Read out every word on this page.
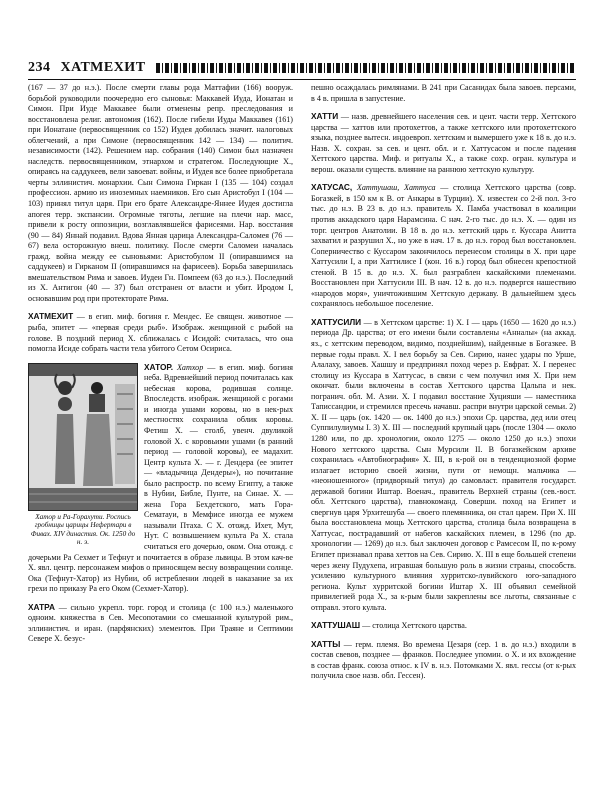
234 ХАТМЕХИТ

(167 — 37 до н.э.). После смерти главы рода Маттафии (166) вооруж. борьбой руководили поочередно его сыновья: Маккавей Иуда, Ионатан и Симон. При Иуде Маккавее были отменены репр. преследования и восстановлена религ. автономия (162). После гибели Иуды Маккавея (161) при Ионатане (первосвященник со 152) Иудея добилась значит. налоговых облегчений, а при Симоне (первосвященник 142 — 134) — политич. независимости (142). Решением нар. собрания (140) Симон был назначен наследств. первосвященником, этнархом и стратегом. Последующие Х., опираясь на саддукеев, вели завоеват. войны, и Иудея все более приобретала черты эллинистич. монархии. Сын Симона Гиркан I (135 — 104) создал профессион. армию из иноземных наемников. Его сын Аристобул I (104 — 103) принял титул царя. При его брате Александре-Яннее Иудея достигла апогея терр. экспансии. Огромные тяготы, легшие на плечи нар. масс, привели к росту оппозиции, возглавлявшейся фарисеями. Нар. восстания (90 — 84) Яннай подавил. Вдова Янная царица Александра-Саломея (76 — 67) вела осторожную внеш. политику. После смерти Саломеи началась гражд. война между ее сыновьями: Аристобулом II (опиравшимся на саддукеев) и Гирканом II (опиравшимся на фарисеев). Борьба завершилась вмешательством Рима и завоев. Иудеи Гн. Помпеем (63 до н.э.). Последний из Х. Антигон (40 — 37) был отстранен от власти и убит. Иродом I, основавшим род при протекторате Рима.

ХАТМЕХИТ — в егип. миф. богиня г. Мендес. Ее священ. животное — рыба, эпитет — «первая среди рыб». Изображ. женщиной с рыбой на голове. В поздний период Х. сближалась с Исидой: считалась, что она помогла Исиде собрать части тела убитого Сетом Осириса.

Хатор и Ра-Горахути. Роспись гробницы царицы Нефертари в Фивах. XIV династия. Ок. 1250 до н. э.

ХАТОР. Хатхор — в егип. миф. богиня неба. Вдревнейший период почиталась как небесная корова, родившая солнце. Впоследств. изображ. женщиной с рогами и иногда ушами коровы, но в нек-рых местностях сохранила облик коровы. Фетиш Х. — столб, увенч. двуликой головой Х. с коровьими ушами (в ранний период — головой коровы), ее мадахит. Центр культа Х. — г. Дендера (ее эпитет — «владычица Дендеры»), но почитание было распростр. по всему Египту, а также в Нубии, Библе, Пунте, на Синае. Х. — жена Гора Бехдетского, мать Гора-Сематауи, в Мемфисе иногда ее мужем называли Птаха. С Х. отожд. Ихет, Мут, Нут. С возвышением культа Ра Х. стала считаться его дочерью, оком. Она отожд. с дочерьми Ра Сехмет и Тефнут и почитается в образе львицы. В этом кач-ве Х. явл. центр. персонажем мифов о приносящем весну возвращении солнце. Ока (Тефнут-Хатор) из Нубии, об истреблении людей в наказание за их грехи по приказу Ра его Оком (Сехмет-Хатор).

ХАТРА — сильно укрепл. торг. город и столица (с 100 н.э.) маленького одноим. княжества в Сев. Месопотамии со смешанной культурой рим., эллинистич. и иран. (парфянских) элементов. При Траяне и Септимии Севере Х. безус-

пешно осаждалась римлянами. В 241 при Сасанидах была завоев. персами, в 4 в. пришла в запустение.

ХАТТИ — назв. древнейшего населения сев. и цент. части терр. Хеттского царства — хаттов или протохеттов, а также хеттского или протохеттского языка, позднее вытесн. индоевроп. хеттским и вымершего уже к 18 в. до н.э. Назв. Х. сохран. за сев. и цент. обл. и г. Хаттусасом и после падения Хеттского царства. Миф. и ритуалы Х., а также сохр. огран. культура и верош. оказали существ. влияние на раннюю хеттскую культуру.

ХАТУСАС, Хаттушаш, Хаттуса — столица Хеттского царства (совр. Богазкей, в 150 км к В. от Анкары в Турции). Х. известен со 2-й пол. 3-го тыс. до н.э. В 23 в. до н.э. правитель Х. Памба участвовал в коалиции против аккадского царя Нарамсина. С нач. 2-го тыс. до н.э. Х. — один из торг. центров Анатолии. В 18 в. до н.э. хеттский царь г. Куссара Анитта захватил и разрушил Х., но уже в нач. 17 в. до н.э. город был восстановлен. Соперничество с Куссаром закончилось перенесом столицы в Х. при царе Хаттусили I, а при Хаттилисе I (кон. 16 в.) город был обнесен крепостной стеной. В 15 в. до н.э. Х. был разграблен каскайскими племенами. Восстановлен при Хаттусили III. В нач. 12 в. до н.э. подвергся нашествию «народов моря», уничтожившим Хеттскую державу. В дальнейшем здесь сохранялось небольшое поселение.

ХАТТУСИЛИ — в Хеттском царстве: 1) Х. I — царь (1650 — 1620 до н.э.) периода Др. царства; от его имени были составлены «Анналы» (на аккад. яз., с хеттским переводом, видимо, позднейшим), найденные в Богазкее. В первые годы правл. Х. I вел борьбу за Сев. Сирию, нанес удары по Урше, Алалаху, завоев. Хашшу и предпринял поход через р. Евфрат. Х. I перенес столицу из Куссара в Хаттусас, в связи с чем получил имя Х. При нем окончат. были включены в состав Хеттского царства Цальпа и нек. погранич. обл. М. Азии. Х. I подавил восстание Хуцияши — наместника Таписсандии, и стремился пресечь начавш. распри внутри царской семьи. 2) Х. II — царь (ок. 1420 — ок. 1400 до н.э.) эпохи Ср. царства, дед или отец Суппилулиумы I. 3) Х. III — последний крупный царь (после 1304 — около 1280 или, по др. хронологии, около 1275 — около 1250 до н.э.) эпохи Нового хеттского царства. Сын Мурсили II. В богазкейском архиве сохранилась «Автобиография» Х. III, в к-рой он в тенденциозной форме излагает историю своей жизни, пути от немощн. мальчика — «неоношенного» (придворный титул) до самовласт. правителя государст. державой богини Иштар. Военач., правитель Верхней страны (сев.-вост. обл. Хеттского царства), главнокоманд. Соверши. поход на Египет и свергнув царя Урхитешуба — своего племянника, он стал царем. При Х. III была восстановлена мощь Хеттского царства, столица была возвращена в Хаттусас, пострадавший от набегов каскайских племен, в 1296 (по др. хронологии — 1269) до н.э. был заключен договор с Рамсесом II, по к-рому Египет признавал права хеттов на Сев. Сирию. Х. III в еще большей степени через жену Пудухепа, игравшая большую роль в жизни страны, способств. усилению культурного влияния хурритско-лувийского юго-западного региона. Культ хурритской богини Иштар Х. III объявил семейной привилегией рода Х., за к-рым были закреплены все льготы, связанные с отправл. этого культа.

ХАТТУШАШ — столица Хеттского царства.

ХАТТЫ — герм. племя. Во времена Цезаря (сер. 1 в. до н.э.) входили в состав свевов, позднее — франков. Последнее упомин. о Х. и их вхождение в состав франк. союза относ. к IV в. н.э. Потомками Х. явл. гессы (от к-рых получила свое назв. обл. Гессен).
